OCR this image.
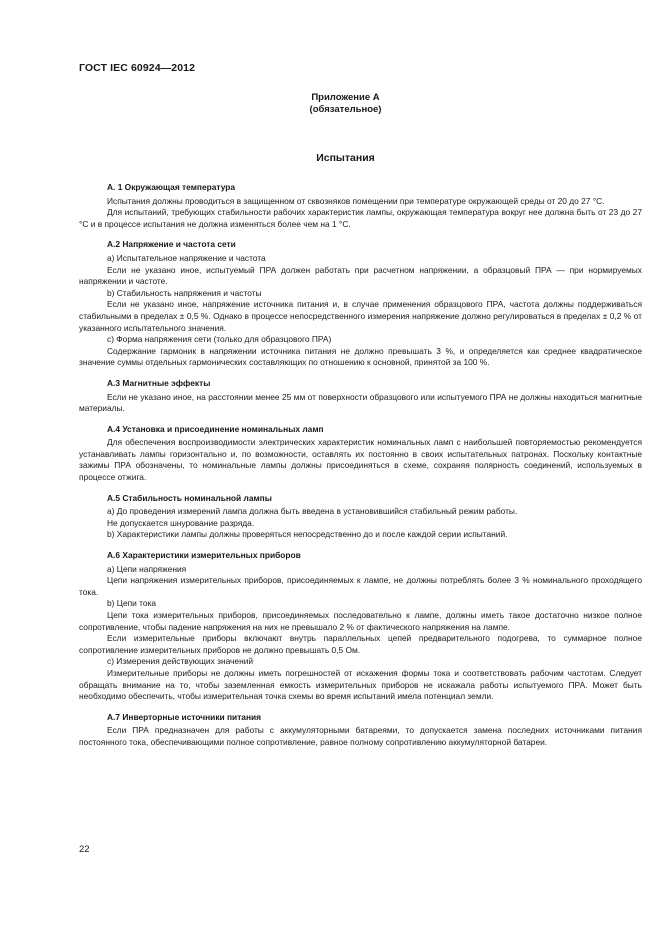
ГОСТ IEC 60924—2012
Приложение А
(обязательное)
Испытания

А. 1 Окружающая температура

Испытания должны проводиться в защищенном от сквозняков помещении при температуре окружающей среды от 20 до 27 °С.

Для испытаний, требующих стабильности рабочих характеристик лампы, окружающая температура вокруг нее должна быть от 23 до 27 °С и в процессе испытания не должна изменяться более чем на 1 °С.

А.2 Напряжение и частота сети

а) Испытательное напряжение и частота

Если не указано иное, испытуемый ПРА должен работать при расчетном напряжении, а образцовый ПРА — при нормируемых напряжении и частоте.

b) Стабильность напряжения и частоты

Если не указано иное, напряжение источника питания и, в случае применения образцового ПРА, частота должны поддерживаться стабильными в пределах ± 0,5 %. Однако в процессе непосредственного измерения напряжение должно регулироваться в пределах ± 0,2 % от указанного испытательного значения.

с) Форма напряжения сети (только для образцового ПРА)

Содержание гармоник в напряжении источника питания не должно превышать 3 %, и определяется как среднее квадратическое значение суммы отдельных гармонических составляющих по отношению к основной, принятой за 100 %.

А.3 Магнитные эффекты

Если не указано иное, на расстоянии менее 25 мм от поверхности образцового или испытуемого ПРА не должны находиться магнитные материалы.

А.4 Установка и присоединение номинальных ламп

Для обеспечения воспроизводимости электрических характеристик номинальных ламп с наибольшей повторяемостью рекомендуется устанавливать лампы горизонтально и, по возможности, оставлять их постоянно в своих испытательных патронах. Поскольку контактные зажимы ПРА обозначены, то номинальные лампы должны присоединяться в схеме, сохраняя полярность соединений, используемых в процессе отжига.

А.5 Стабильность номинальной лампы

а) До проведения измерений лампа должна быть введена в установившийся стабильный режим работы.

Не допускается шнурование разряда.

b) Характеристики лампы должны проверяться непосредственно до и после каждой серии испытаний.

А.6 Характеристики измерительных приборов

а) Цепи напряжения

Цепи напряжения измерительных приборов, присоединяемых к лампе, не должны потреблять более 3 % номинального проходящего тока.

b) Цепи тока

Цепи тока измерительных приборов, присоединяемых последовательно к лампе, должны иметь такое достаточно низкое полное сопротивление, чтобы падение напряжения на них не превышало 2 % от фактического напряжения на лампе.

Если измерительные приборы включают внутрь параллельных цепей предварительного подогрева, то суммарное полное сопротивление измерительных приборов не должно превышать 0,5 Ом.

с) Измерения действующих значений

Измерительные приборы не должны иметь погрешностей от искажения формы тока и соответствовать рабочим частотам. Следует обращать внимание на то, чтобы заземленная емкость измерительных приборов не искажала работы испытуемого ПРА. Может быть необходимо обеспечить, чтобы измерительная точка схемы во время испытаний имела потенциал земли.

А.7 Инверторные источники питания

Если ПРА предназначен для работы с аккумуляторными батареями, то допускается замена последних источниками питания постоянного тока, обеспечивающими полное сопротивление, равное полному сопротивлению аккумуляторной батареи.

22
